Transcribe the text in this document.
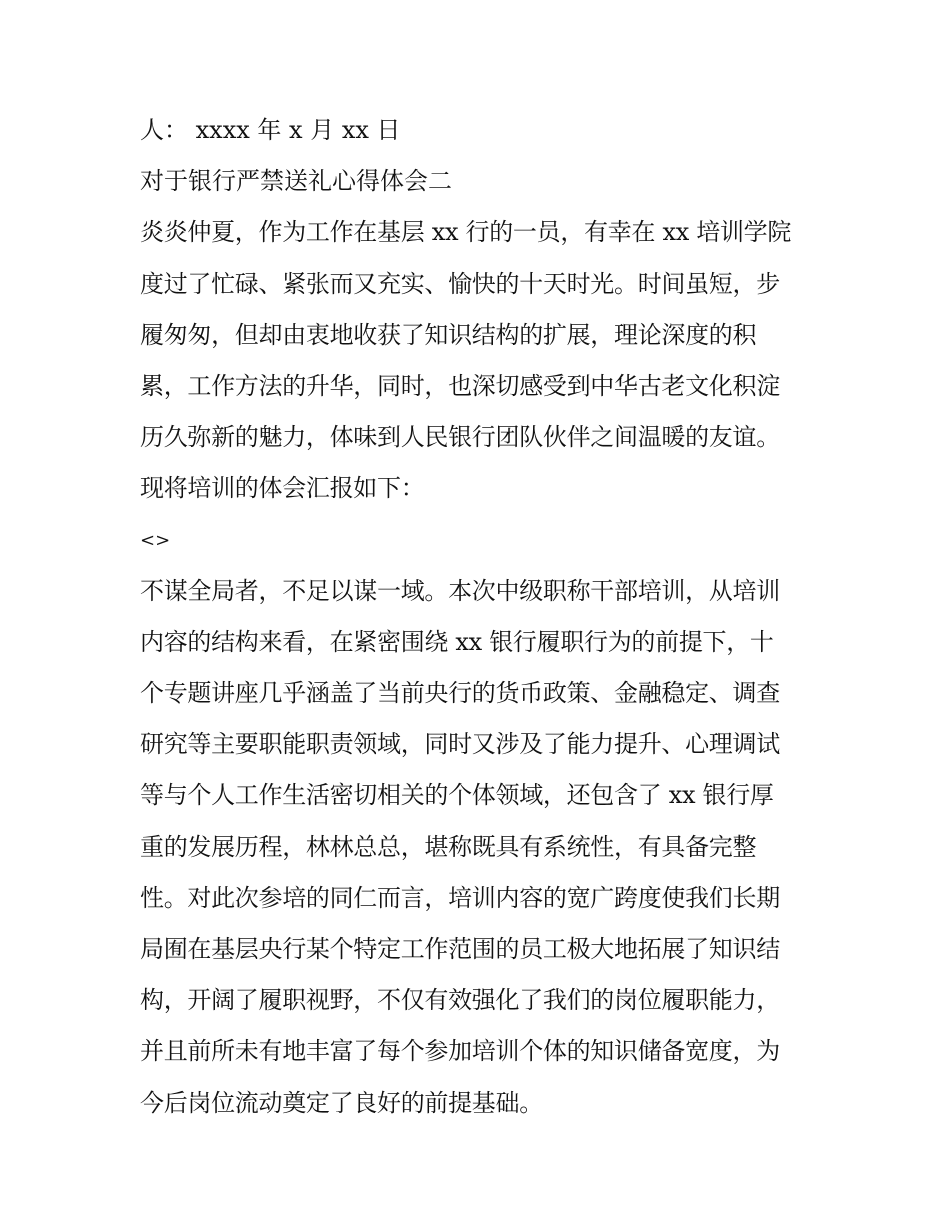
人： xxxx 年 x 月 xx 日
对于银行严禁送礼心得体会二
炎炎仲夏，作为工作在基层 xx 行的一员，有幸在 xx 培训学院
度过了忙碌、紧张而又充实、愉快的十天时光。时间虽短，步
履匆匆，但却由衷地收获了知识结构的扩展，理论深度的积
累，工作方法的升华，同时，也深切感受到中华古老文化积淀
历久弥新的魅力，体味到人民银行团队伙伴之间温暖的友谊。
现将培训的体会汇报如下：
<>
不谋全局者，不足以谋一域。本次中级职称干部培训，从培训
内容的结构来看，在紧密围绕 xx 银行履职行为的前提下，十
个专题讲座几乎涵盖了当前央行的货币政策、金融稳定、调查
研究等主要职能职责领域，同时又涉及了能力提升、心理调试
等与个人工作生活密切相关的个体领域，还包含了 xx 银行厚
重的发展历程，林林总总，堪称既具有系统性，有具备完整
性。对此次参培的同仁而言，培训内容的宽广跨度使我们长期
局囿在基层央行某个特定工作范围的员工极大地拓展了知识结
构，开阔了履职视野，不仅有效强化了我们的岗位履职能力，
并且前所未有地丰富了每个参加培训个体的知识储备宽度，为
今后岗位流动奠定了良好的前提基础。
